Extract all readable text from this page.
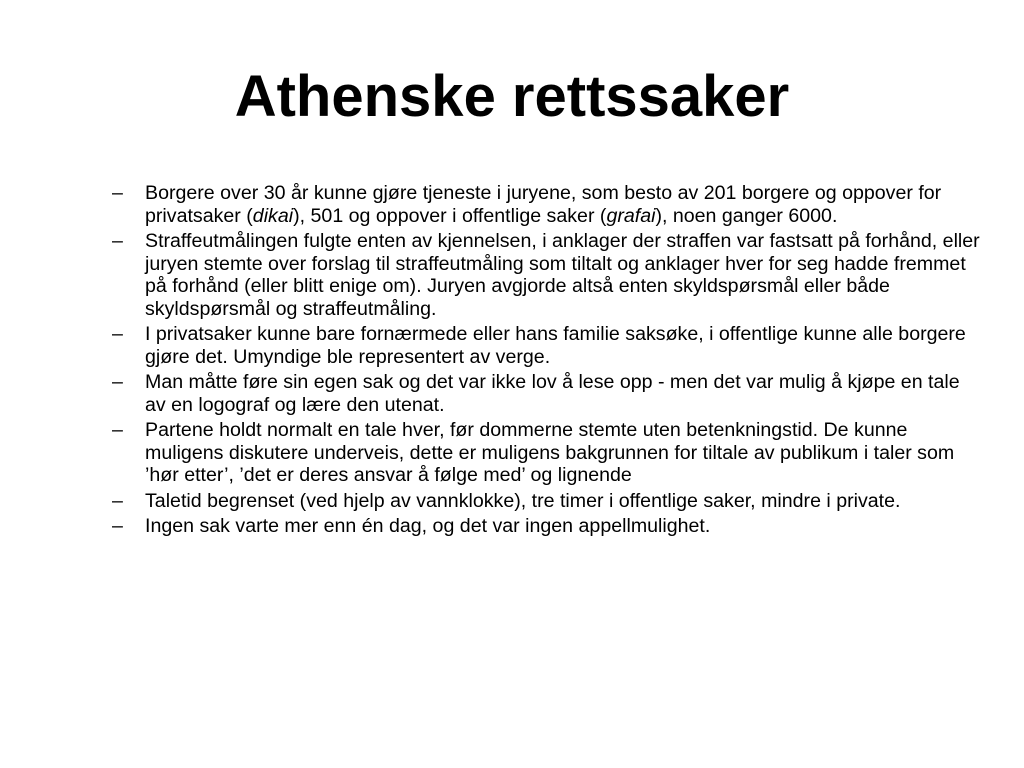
Athenske rettssaker
– Borgere over 30 år kunne gjøre tjeneste i juryene, som besto av 201 borgere og oppover for privatsaker (dikai), 501 og oppover i offentlige saker (grafai), noen ganger 6000.
– Straffeutmålingen fulgte enten av kjennelsen, i anklager der straffen var fastsatt på forhånd, eller juryen stemte over forslag til straffeutmåling som tiltalt og anklager hver for seg hadde fremmet på forhånd (eller blitt enige om). Juryen avgjorde altså enten skyldspørsmål eller både skyldspørsmål og straffeutmåling.
– I privatsaker kunne bare fornærmede eller hans familie saksøke, i offentlige kunne alle borgere gjøre det. Umyndige ble representert av verge.
– Man måtte føre sin egen sak og det var ikke lov å lese opp - men det var mulig å kjøpe en tale av en logograf og lære den utenat.
– Partene holdt normalt en tale hver, før dommerne stemte uten betenkningstid. De kunne muligens diskutere underveis, dette er muligens bakgrunnen for tiltale av publikum i taler som ’hør etter’, ’det er deres ansvar å følge med’ og lignende
– Taletid begrenset (ved hjelp av vannklokke), tre timer i offentlige saker, mindre i private.
– Ingen sak varte mer enn én dag, og det var ingen appellmulighet.
